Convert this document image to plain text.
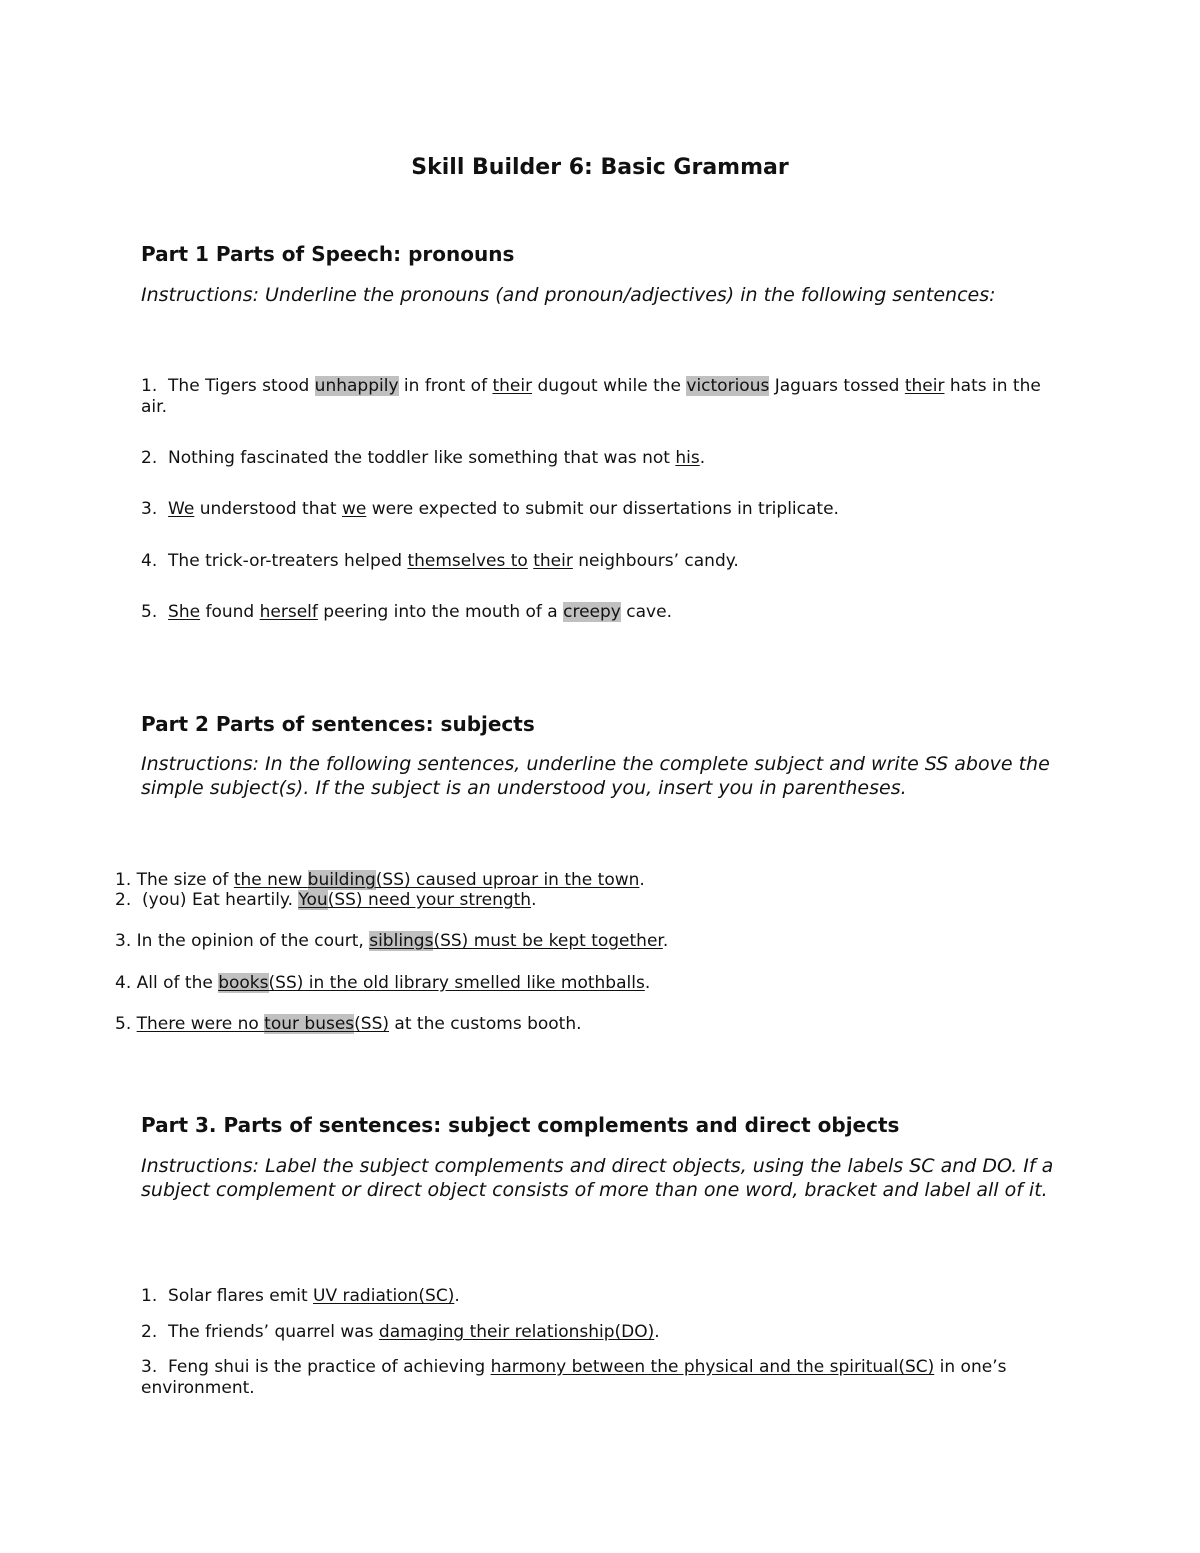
Skill Builder 6: Basic Grammar
Part 1 Parts of Speech: pronouns

Instructions: Underline the pronouns (and pronoun/adjectives) in the following sentences:

1. The Tigers stood unhappily in front of their dugout while the victorious Jaguars tossed their hats in the air.

2. Nothing fascinated the toddler like something that was not his.

3. We understood that we were expected to submit our dissertations in triplicate.

4. The trick-or-treaters helped themselves to their neighbours’ candy.

5. She found herself peering into the mouth of a creepy cave.

Part 2 Parts of sentences: subjects

Instructions: In the following sentences, underline the complete subject and write SS above the simple subject(s). If the subject is an understood you, insert you in parentheses.

1. The size of the new building(SS) caused uproar in the town.

2. (you) Eat heartily. You(SS) need your strength.

3. In the opinion of the court, siblings(SS) must be kept together.

4. All of the books(SS) in the old library smelled like mothballs.

5. There were no tour buses(SS) at the customs booth.

Part 3. Parts of sentences: subject complements and direct objects

Instructions: Label the subject complements and direct objects, using the labels SC and DO. If a subject complement or direct object consists of more than one word, bracket and label all of it.

1. Solar flares emit UV radiation(SC).

2. The friends’ quarrel was damaging their relationship(DO).

3. Feng shui is the practice of achieving harmony between the physical and the spiritual(SC) in one’s environment.
